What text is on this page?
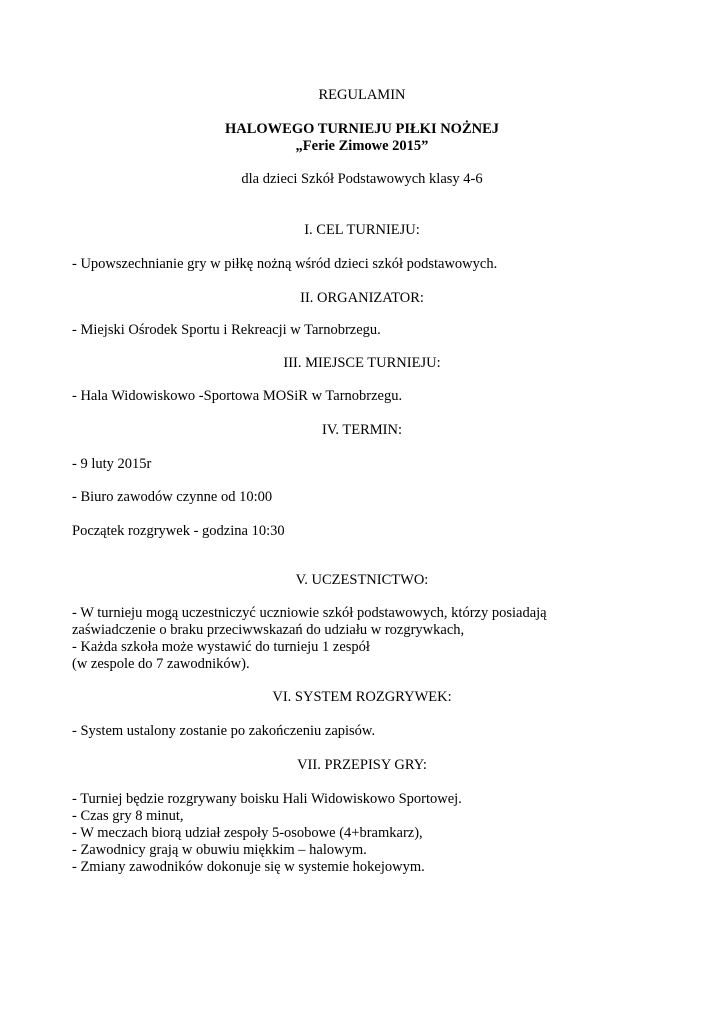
REGULAMIN
HALOWEGO TURNIEJU PIŁKI NOŻNEJ
„Ferie Zimowe 2015”
dla dzieci Szkół Podstawowych klasy 4-6
I. CEL TURNIEJU:
- Upowszechnianie gry w piłkę nożną wśród dzieci szkół podstawowych.
II. ORGANIZATOR:
- Miejski Ośrodek Sportu i Rekreacji w Tarnobrzegu.
III. MIEJSCE TURNIEJU:
- Hala Widowiskowo -Sportowa MOSiR w Tarnobrzegu.
IV. TERMIN:
- 9 luty 2015r
- Biuro zawodów czynne od 10:00
Początek rozgrywek - godzina 10:30
V. UCZESTNICTWO:
- W turnieju mogą uczestniczyć uczniowie szkół podstawowych, którzy posiadają
zaświadczenie o braku przeciwwskazań do udziału w rozgrywkach,
- Każda szkoła może wystawić do turnieju 1 zespół
(w zespole do 7 zawodników).
VI. SYSTEM ROZGRYWEK:
- System ustalony zostanie po zakończeniu zapisów.
VII. PRZEPISY GRY:
- Turniej będzie rozgrywany boisku Hali Widowiskowo Sportowej.
- Czas gry 8 minut,
- W meczach biorą udział zespoły 5-osobowe (4+bramkarz),
- Zawodnicy grają w obuwiu miękkim – halowym.
- Zmiany zawodników dokonuje się w systemie hokejowym.
